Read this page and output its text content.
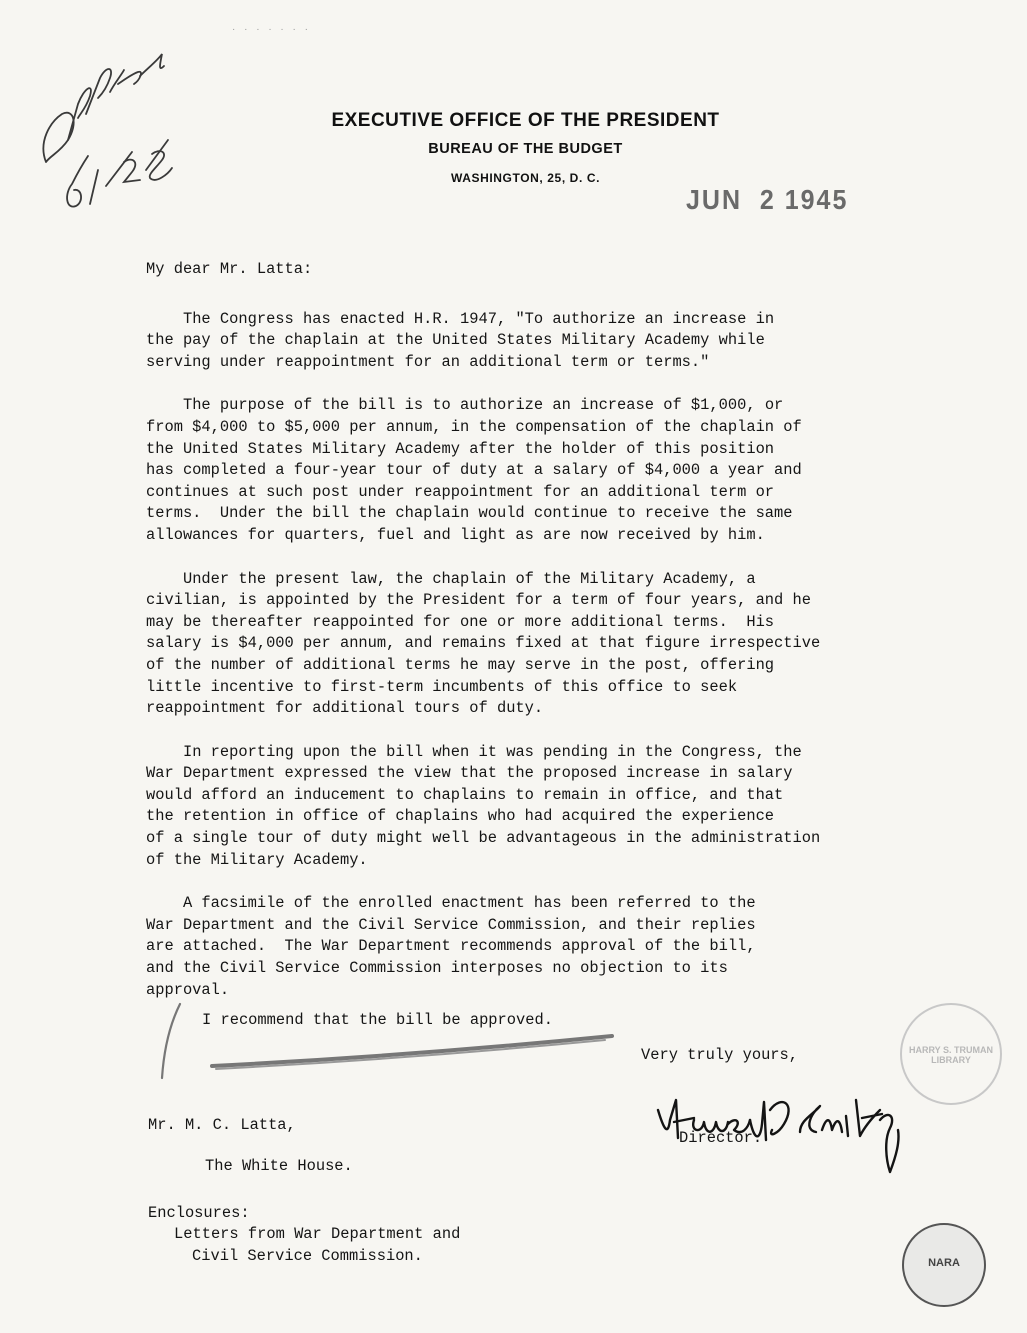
· · · · · · ·
EXECUTIVE OFFICE OF THE PRESIDENT
BUREAU OF THE BUDGET
WASHINGTON, 25, D. C.
JUN  2 1945

My dear Mr. Latta:

The Congress has enacted H.R. 1947, "To authorize an increase in
the pay of the chaplain at the United States Military Academy while
serving under reappointment for an additional term or terms."

The purpose of the bill is to authorize an increase of $1,000, or
from $4,000 to $5,000 per annum, in the compensation of the chaplain of
the United States Military Academy after the holder of this position
has completed a four-year tour of duty at a salary of $4,000 a year and
continues at such post under reappointment for an additional term or
terms.  Under the bill the chaplain would continue to receive the same
allowances for quarters, fuel and light as are now received by him.

Under the present law, the chaplain of the Military Academy, a
civilian, is appointed by the President for a term of four years, and he
may be thereafter reappointed for one or more additional terms.  His
salary is $4,000 per annum, and remains fixed at that figure irrespective
of the number of additional terms he may serve in the post, offering
little incentive to first-term incumbents of this office to seek
reappointment for additional tours of duty.

In reporting upon the bill when it was pending in the Congress, the
War Department expressed the view that the proposed increase in salary
would afford an inducement to chaplains to remain in office, and that
the retention in office of chaplains who had acquired the experience
of a single tour of duty might well be advantageous in the administration
of the Military Academy.

A facsimile of the enrolled enactment has been referred to the
War Department and the Civil Service Commission, and their replies
are attached.  The War Department recommends approval of the bill,
and the Civil Service Commission interposes no objection to its
approval.

I recommend that the bill be approved.
Very truly yours,
Director.
Mr. M. C. Latta,
The White House.
Enclosures:
Letters from War Department and
Civil Service Commission.
HARRY S. TRUMAN LIBRARY
NARA
